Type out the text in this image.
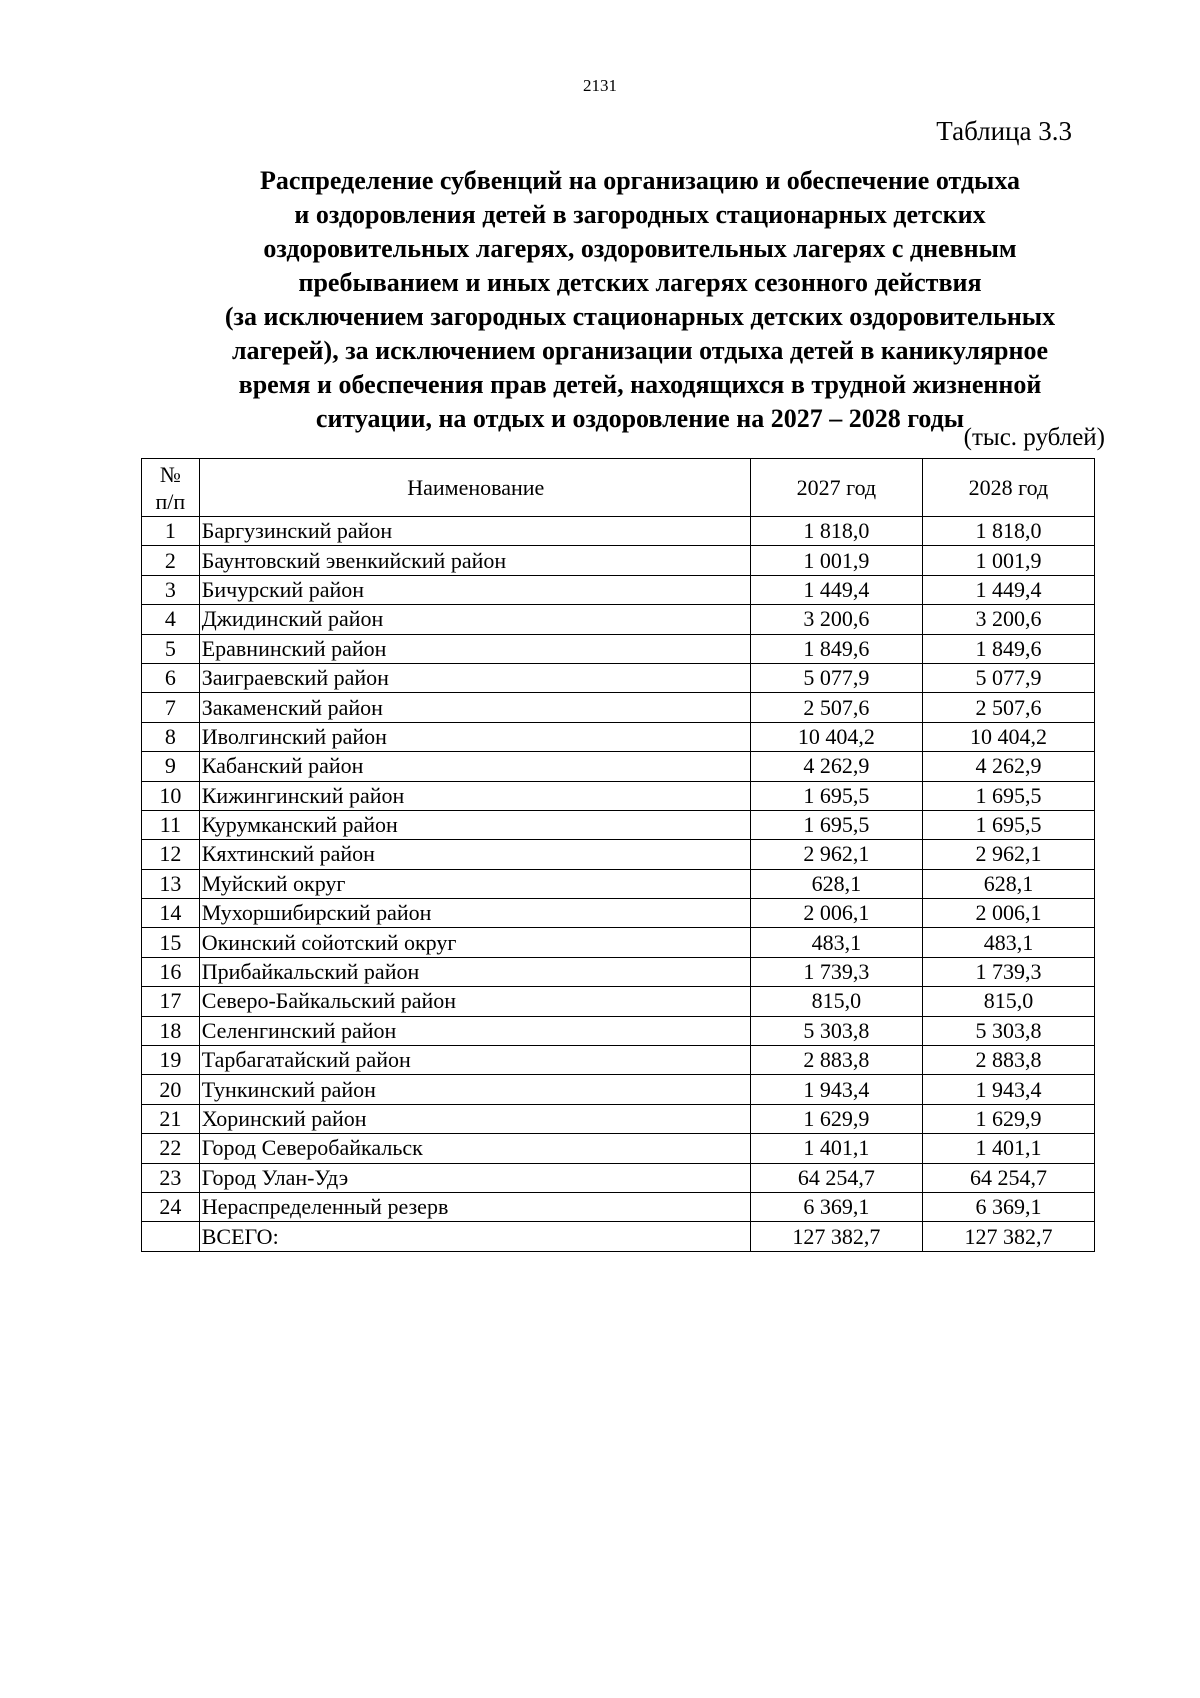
2131
Таблица 3.3
Распределение субвенций на организацию и обеспечение отдыха
и оздоровления детей в загородных стационарных детских
оздоровительных лагерях, оздоровительных лагерях с дневным
пребыванием и иных детских лагерях сезонного действия
(за исключением загородных стационарных детских оздоровительных
лагерей), за исключением организации отдыха детей в каникулярное
время и обеспечения прав детей, находящихся в трудной жизненной
ситуации, на отдых и оздоровление на 2027 – 2028 годы
(тыс. рублей)
№
п/п	Наименование	2027 год	2028 год
1	Баргузинский район	1 818,0	1 818,0
2	Баунтовский эвенкийский район	1 001,9	1 001,9
3	Бичурский район	1 449,4	1 449,4
4	Джидинский район	3 200,6	3 200,6
5	Еравнинский район	1 849,6	1 849,6
6	Заиграевский район	5 077,9	5 077,9
7	Закаменский район	2 507,6	2 507,6
8	Иволгинский район	10 404,2	10 404,2
9	Кабанский район	4 262,9	4 262,9
10	Кижингинский район	1 695,5	1 695,5
11	Курумканский район	1 695,5	1 695,5
12	Кяхтинский район	2 962,1	2 962,1
13	Муйский округ	628,1	628,1
14	Мухоршибирский район	2 006,1	2 006,1
15	Окинский сойотский округ	483,1	483,1
16	Прибайкальский район	1 739,3	1 739,3
17	Северо-Байкальский район	815,0	815,0
18	Селенгинский район	5 303,8	5 303,8
19	Тарбагатайский район	2 883,8	2 883,8
20	Тункинский район	1 943,4	1 943,4
21	Хоринский район	1 629,9	1 629,9
22	Город Северобайкальск	1 401,1	1 401,1
23	Город Улан-Удэ	64 254,7	64 254,7
24	Нераспределенный резерв	6 369,1	6 369,1
	ВСЕГО:	127 382,7	127 382,7
